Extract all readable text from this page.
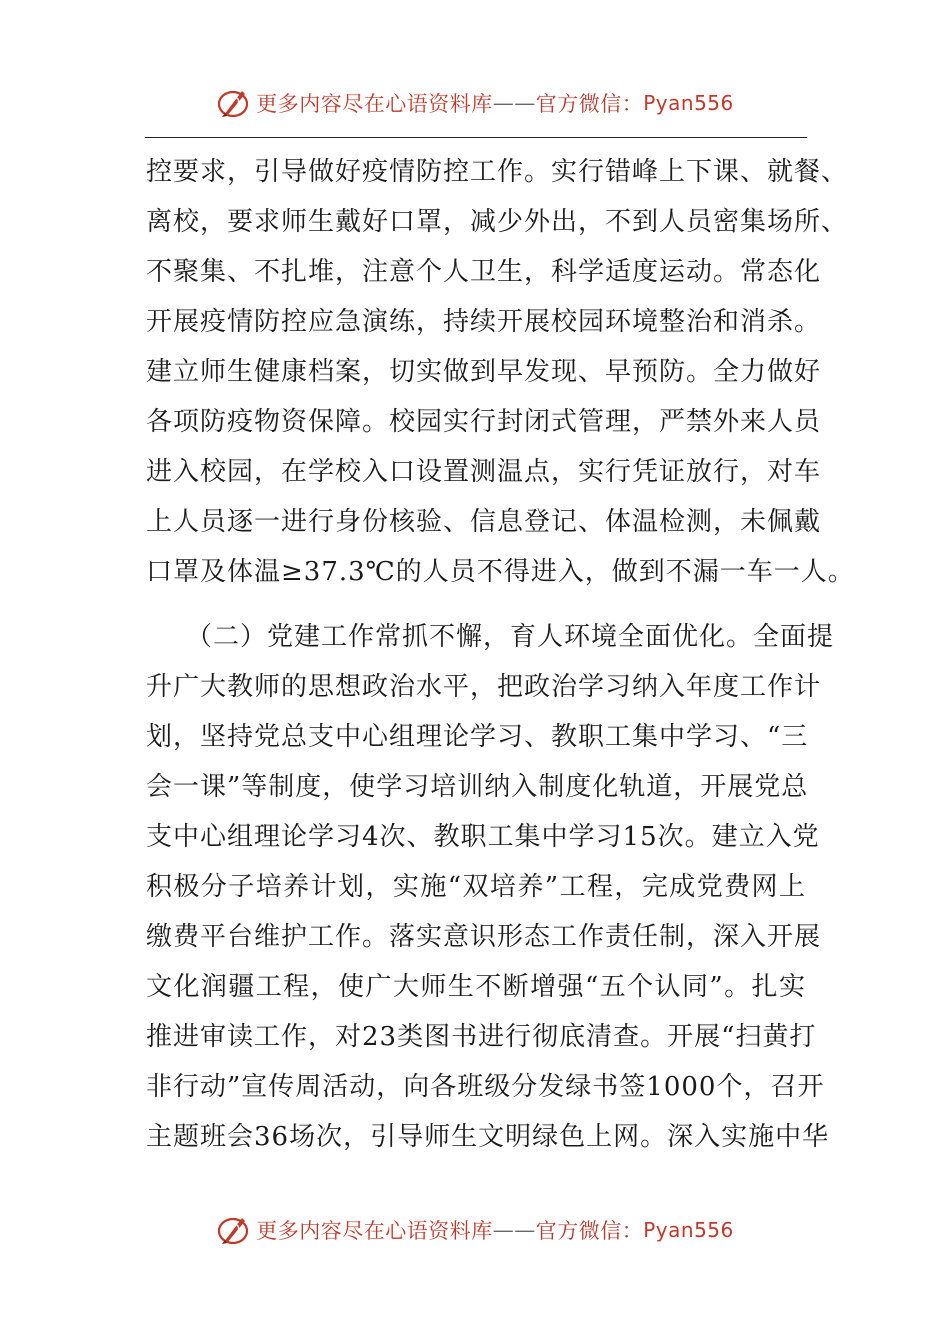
更多内容尽在心语资料库 —— 官方微信： Pyan556
控要求，引导做好疫情防控工作。实行错峰上下课、就餐、
离校，要求师生戴好口罩，减少外出，不到人员密集场所、
不聚集、不扎堆，注意个人卫生，科学适度运动。常态化
开展疫情防控应急演练，持续开展校园环境整治和消杀。
建立师生健康档案，切实做到早发现、早预防。全力做好
各项防疫物资保障。校园实行封闭式管理，严禁外来人员
进入校园，在学校入口设置测温点，实行凭证放行，对车
上人员逐一进行身份核验、信息登记、体温检测，未佩戴
口罩及体温≥37.3℃的人员不得进入，做到不漏一车一人。
（二）党建工作常抓不懈，育人环境全面优化。全面提
升广大教师的思想政治水平，把政治学习纳入年度工作计
划，坚持党总支中心组理论学习、教职工集中学习、“三
会一课”等制度，使学习培训纳入制度化轨道，开展党总
支中心组理论学习4次、教职工集中学习15次。建立入党
积极分子培养计划，实施“双培养”工程，完成党费网上
缴费平台维护工作。落实意识形态工作责任制，深入开展
文化润疆工程，使广大师生不断增强“五个认同”。扎实
推进审读工作，对23类图书进行彻底清查。开展“扫黄打
非行动”宣传周活动，向各班级分发绿书签1000个，召开
主题班会36场次，引导师生文明绿色上网。深入实施中华
更多内容尽在心语资料库 —— 官方微信： Pyan556
